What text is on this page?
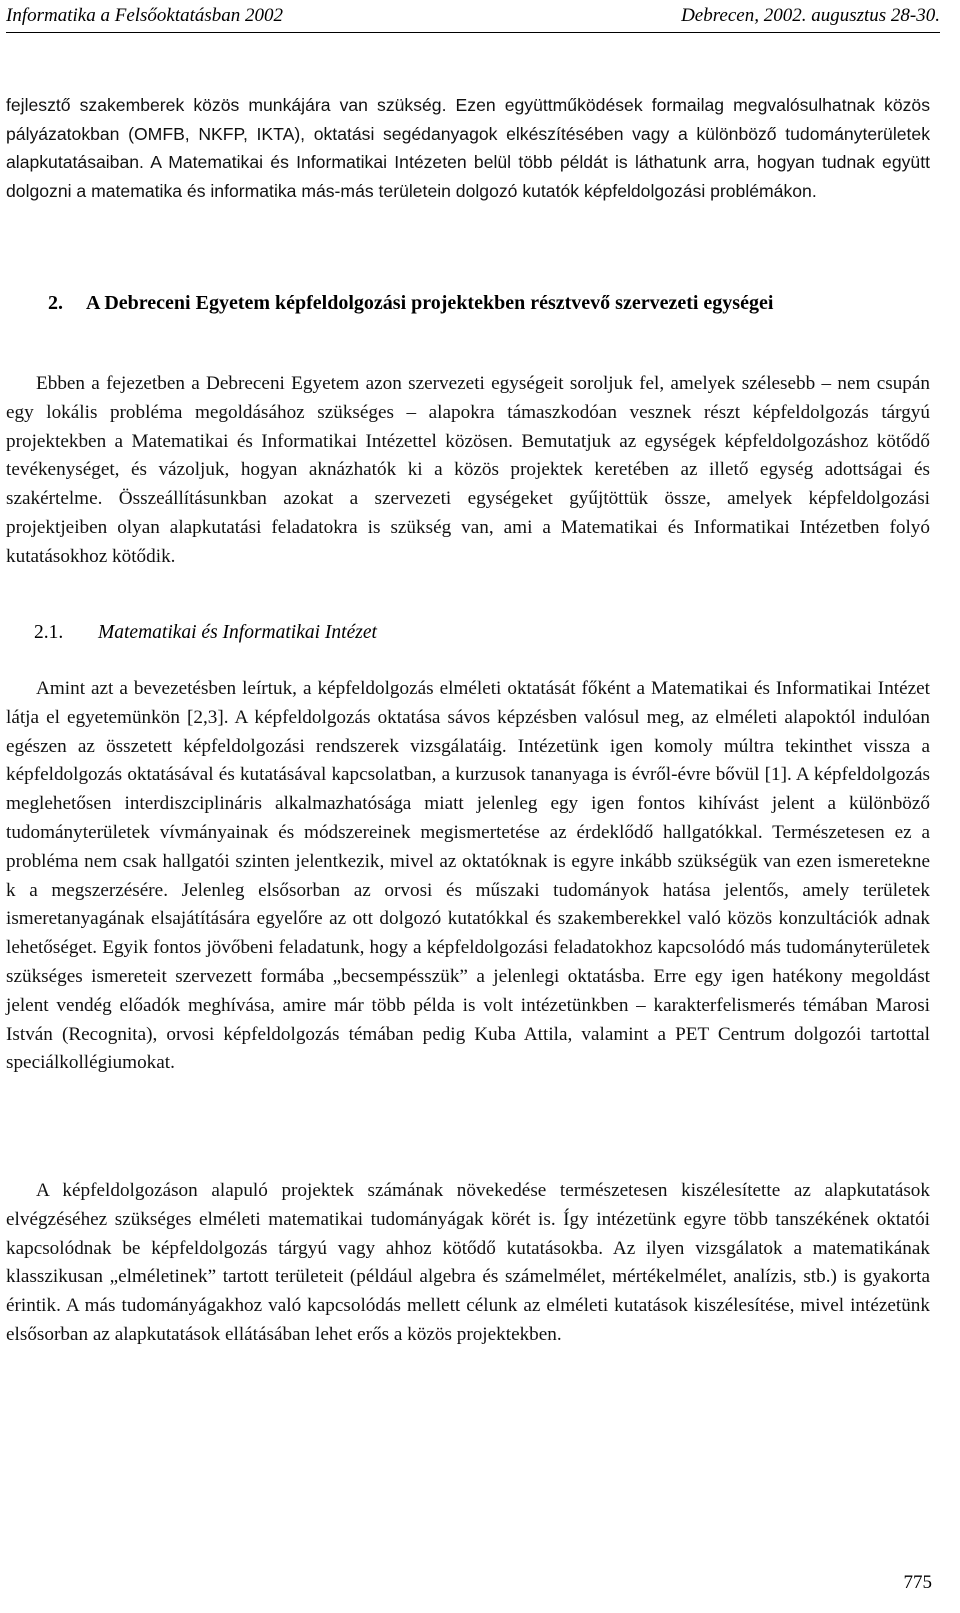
Informatika a Felsőoktatásban 2002	Debrecen, 2002. augusztus 28-30.
fejlesztő szakemberek közös munkájára van szükség. Ezen együttműködések formailag megvalósulhatnak közös pályázatokban (OMFB, NKFP, IKTA), oktatási segédanyagok elkészítésében vagy a különböző tudományterületek alapkutatásaiban. A Matematikai és Informatikai Intézeten belül több példát is láthatunk arra, hogyan tudnak együtt dolgozni a matematika és informatika más-más területein dolgozó kutatók képfeldolgozási problémákon.
2.	A Debreceni Egyetem képfeldolgozási projektekben résztvevő szervezeti egységei
Ebben a fejezetben a Debreceni Egyetem azon szervezeti egységeit soroljuk fel, amelyek szélesebb – nem csupán egy lokális probléma megoldásához szükséges – alapokra támaszkodóan vesznek részt képfeldolgozás tárgyú projektekben a Matematikai és Informatikai Intézettel közösen. Bemutatjuk az egységek képfeldolgozáshoz kötődő tevékenységet, és vázoljuk, hogyan aknázhatók ki a közös projektek keretében az illető egység adottságai és szakértelme. Összeállításunkban azokat a szervezeti egységeket gyűjtöttük össze, amelyek képfeldolgozási projektjeiben olyan alapkutatási feladatokra is szükség van, ami a Matematikai és Informatikai Intézetben folyó kutatásokhoz kötődik.
2.1. Matematikai és Informatikai Intézet
Amint azt a bevezetésben leírtuk, a képfeldolgozás elméleti oktatását főként a Matematikai és Informatikai Intézet látja el egyetemünkön [2,3]. A képfeldolgozás oktatása sávos képzésben valósul meg, az elméleti alapoktól indulóan egészen az összetett képfeldolgozási rendszerek vizsgálatáig. Intézetünk igen komoly múltra tekinthet vissza a képfeldolgozás oktatásával és kutatásával kapcsolatban, a kurzusok tananyaga is évről-évre bővül [1]. A képfeldolgozás meglehetősen interdiszciplináris alkalmazhatósága miatt jelenleg egy igen fontos kihívást jelent a különböző tudományterületek vívmányainak és módszereinek megismertetése az érdeklődő hallgatókkal. Természetesen ez a probléma nem csak hallgatói szinten jelentkezik, mivel az oktatóknak is egyre inkább szükségük van ezen ismeretekne k a megszerzésére. Jelenleg elsősorban az orvosi és műszaki tudományok hatása jelentős, amely területek ismeretanyagának elsajátítására egyelőre az ott dolgozó kutatókkal és szakemberekkel való közös konzultációk adnak lehetőséget. Egyik fontos jövőbeni feladatunk, hogy a képfeldolgozási feladatokhoz kapcsolódó más tudományterületek szükséges ismereteit szervezett formába „becsempésszük” a jelenlegi oktatásba. Erre egy igen hatékony megoldást jelent vendég előadók meghívása, amire már több példa is volt intézetünkben – karakterfelismerés témában Marosi István (Recognita), orvosi képfeldolgozás témában pedig Kuba Attila, valamint a PET Centrum dolgozói tartottal speciálkollégiumokat.
A képfeldolgozáson alapuló projektek számának növekedése természetesen kiszélesítette az alapkutatások elvégzéséhez szükséges elméleti matematikai tudományágak körét is. Így intézetünk egyre több tanszékének oktatói kapcsolódnak be képfeldolgozás tárgyú vagy ahhoz kötődő kutatásokba. Az ilyen vizsgálatok a matematikának klasszikusan „elméletinek” tartott területeit (például algebra és számelmélet, mértékelmélet, analízis, stb.) is gyakorta érintik. A más tudományágakhoz való kapcsolódás mellett célunk az elméleti kutatások kiszélesítése, mivel intézetünk elsősorban az alapkutatások ellátásában lehet erős a közös projektekben.
775
